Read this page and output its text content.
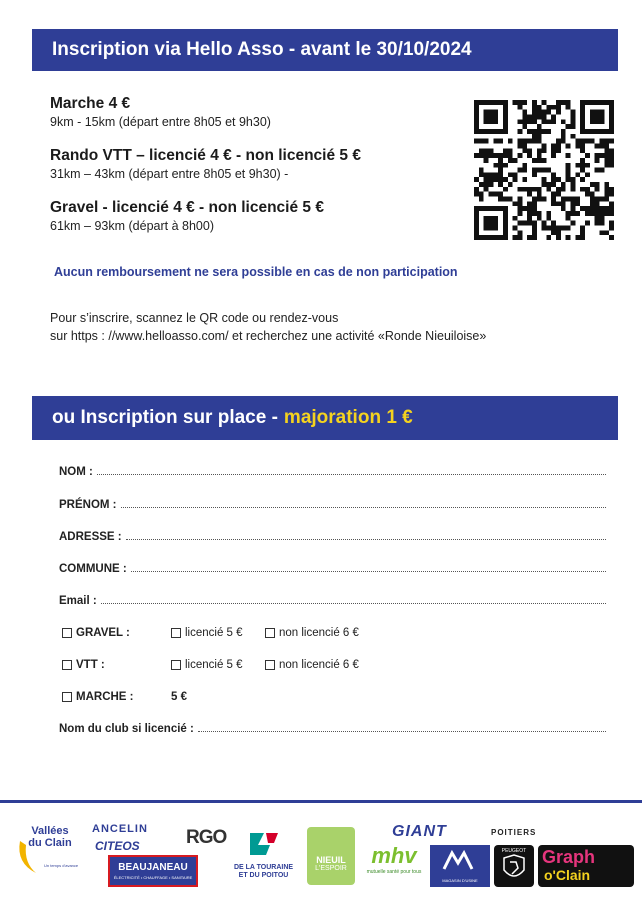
Inscription via Hello Asso - avant le 30/10/2024
Marche 4 €
9km - 15km (départ entre 8h05 et 9h30)
Rando VTT – licencié 4 € - non licencié 5 €
31km – 43km (départ entre 8h05 et 9h30) -
Gravel - licencié 4 € - non licencié 5 €
61km – 93km (départ à 8h00)
Aucun remboursement ne sera possible en cas de non participation
Pour s’inscrire, scannez le QR code ou rendez-vous
sur https : //www.helloasso.com/ et recherchez une activité «Ronde Nieuiloise»
ou Inscription sur place - majoration 1 €
NOM :
PRÉNOM :
ADRESSE :
COMMUNE :
Email :
GRAVEL :	licencié 5 €	non licencié 6 €
VTT :	licencié 5 €	non licencié 6 €
MARCHE :	5 €
Nom du club si licencié :
Vallées du Clain
Un temps d'avance
ANCELIN
CITEOS
BEAUJANEAU
ÉLECTRICITÉ • CHAUFFAGE • SANITAIRE
RGO
DE LA TOURAINE
ET DU POITOU
NIEUIL
L'ESPOIR
mhv
mutuelle santé pour tous
GIANT	POITIERS
MAGASIN D'USINE
PEUGEOT Graph
o'Clain
